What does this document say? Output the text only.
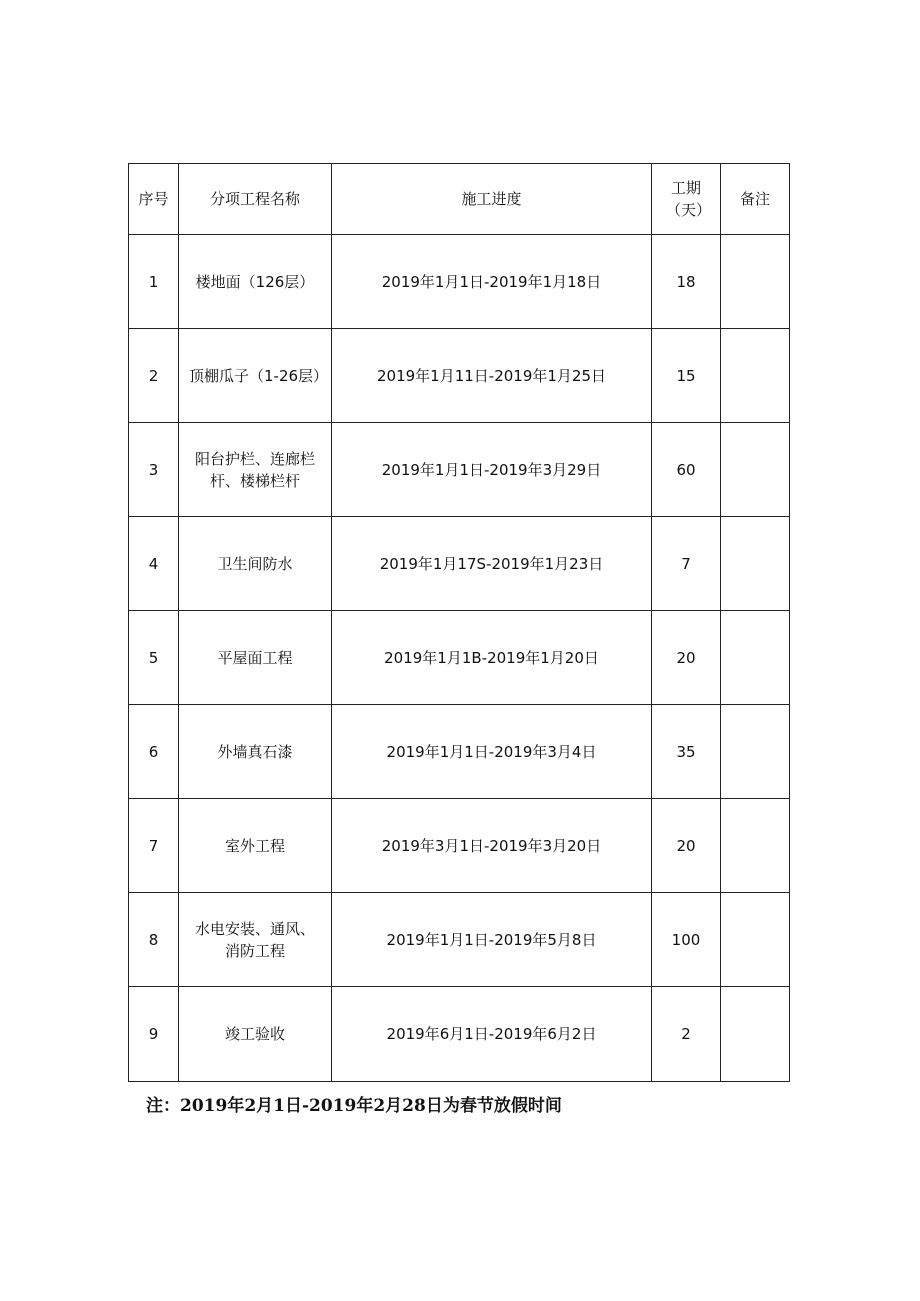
序号	分项工程名称	施工进度	工期（天）	备注
1	楼地面（126层）	2019年1月1日-2019年1月18日	18	
2	顶棚瓜子（1-26层）	2019年1月11日-2019年1月25日	15	
3	阳台护栏、连廊栏杆、楼梯栏杆	2019年1月1日-2019年3月29日	60	
4	卫生间防水	2019年1月17S-2019年1月23日	7	
5	平屋面工程	2019年1月1B-2019年1月20日	20	
6	外墙真石漆	2019年1月1日-2019年3月4日	35	
7	室外工程	2019年3月1日-2019年3月20日	20	
8	水电安装、通风、消防工程	2019年1月1日-2019年5月8日	100	
9	竣工验收	2019年6月1日-2019年6月2日	2	
注：2019年2月1日-2019年2月28日为春节放假时间
